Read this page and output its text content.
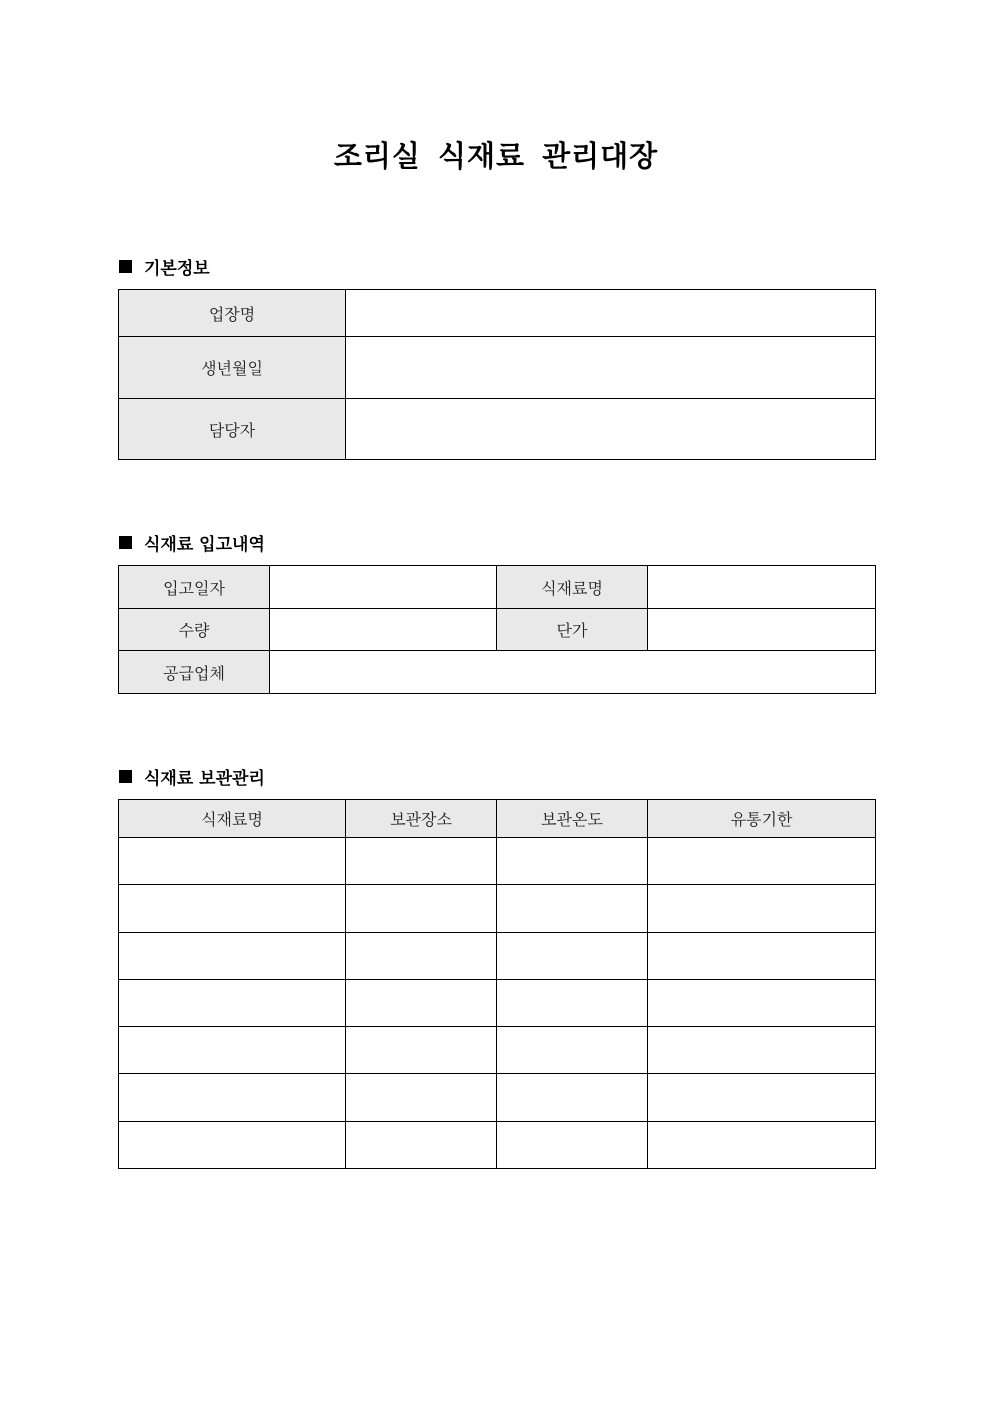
조리실 식재료 관리대장
기본정보
업장명	
생년월일	
담당자	
식재료 입고내역
입고일자		식재료명	
수량		단가	
공급업체			
식재료 보관관리
식재료명	보관장소	보관온도	유통기한
